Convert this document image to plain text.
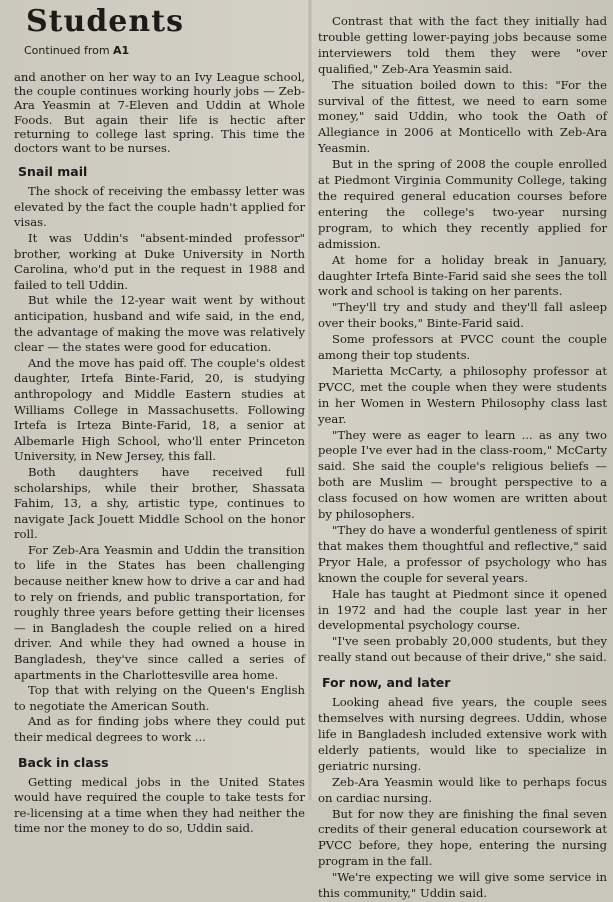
Students
Continued from A1

and another on her way to an Ivy League school, the couple continues working hourly jobs — Zeb-Ara Yeasmin at 7-Eleven and Uddin at Whole Foods. But again their life is hectic after returning to college last spring. This time the doctors want to be nurses.

Snail mail

The shock of receiving the embassy letter was elevated by the fact the couple hadn't applied for visas.

It was Uddin's "absent-minded professor" brother, working at Duke University in North Carolina, who'd put in the request in 1988 and failed to tell Uddin.

But while the 12-year wait went by without anticipation, husband and wife said, in the end, the advantage of making the move was relatively clear — the states were good for education.

And the move has paid off. The couple's oldest daughter, Irtefa Binte-Farid, 20, is studying anthropology and Middle Eastern studies at Williams College in Massachusetts. Following Irtefa is Irteza Binte-Farid, 18, a senior at Albemarle High School, who'll enter Princeton University, in New Jersey, this fall.

Both daughters have received full scholarships, while their brother, Shassata Fahim, 13, a shy, artistic type, continues to navigate Jack Jouett Middle School on the honor roll.

For Zeb-Ara Yeasmin and Uddin the transition to life in the States has been challenging because neither knew how to drive a car and had to rely on friends, and public transportation, for roughly three years before getting their licenses — in Bangladesh the couple relied on a hired driver. And while they had owned a house in Bangladesh, they've since called a series of apartments in the Charlottesville area home.

Top that with relying on the Queen's English to negotiate the American South.

And as for finding jobs where they could put their medical degrees to work ...

Back in class

Getting medical jobs in the United States would have required the couple to take tests for re-licensing at a time when they had neither the time nor the money to do so, Uddin said.

Contrast that with the fact they initially had trouble getting lower-paying jobs because some interviewers told them they were "over qualified," Zeb-Ara Yeasmin said.

The situation boiled down to this: "For the survival of the fittest, we need to earn some money," said Uddin, who took the Oath of Allegiance in 2006 at Monticello with Zeb-Ara Yeasmin.

But in the spring of 2008 the couple enrolled at Piedmont Virginia Community College, taking the required general education courses before entering the college's two-year nursing program, to which they recently applied for admission.

At home for a holiday break in January, daughter Irtefa Binte-Farid said she sees the toll work and school is taking on her parents.

"They'll try and study and they'll fall asleep over their books," Binte-Farid said.

Some professors at PVCC count the couple among their top students.

Marietta McCarty, a philosophy professor at PVCC, met the couple when they were students in her Women in Western Philosophy class last year.

"They were as eager to learn ... as any two people I've ever had in the class-room," McCarty said. She said the couple's religious beliefs — both are Muslim — brought perspective to a class focused on how women are written about by philosophers.

"They do have a wonderful gentleness of spirit that makes them thoughtful and reflective," said Pryor Hale, a professor of psychology who has known the couple for several years.

Hale has taught at Piedmont since it opened in 1972 and had the couple last year in her developmental psychology course.

"I've seen probably 20,000 students, but they really stand out because of their drive," she said.

For now, and later

Looking ahead five years, the couple sees themselves with nursing degrees. Uddin, whose life in Bangladesh included extensive work with elderly patients, would like to specialize in geriatric nursing.

Zeb-Ara Yeasmin would like to perhaps focus on cardiac nursing.

But for now they are finishing the final seven credits of their general education coursework at PVCC before, they hope, entering the nursing program in the fall.

"We're expecting we will give some service in this community," Uddin said.
